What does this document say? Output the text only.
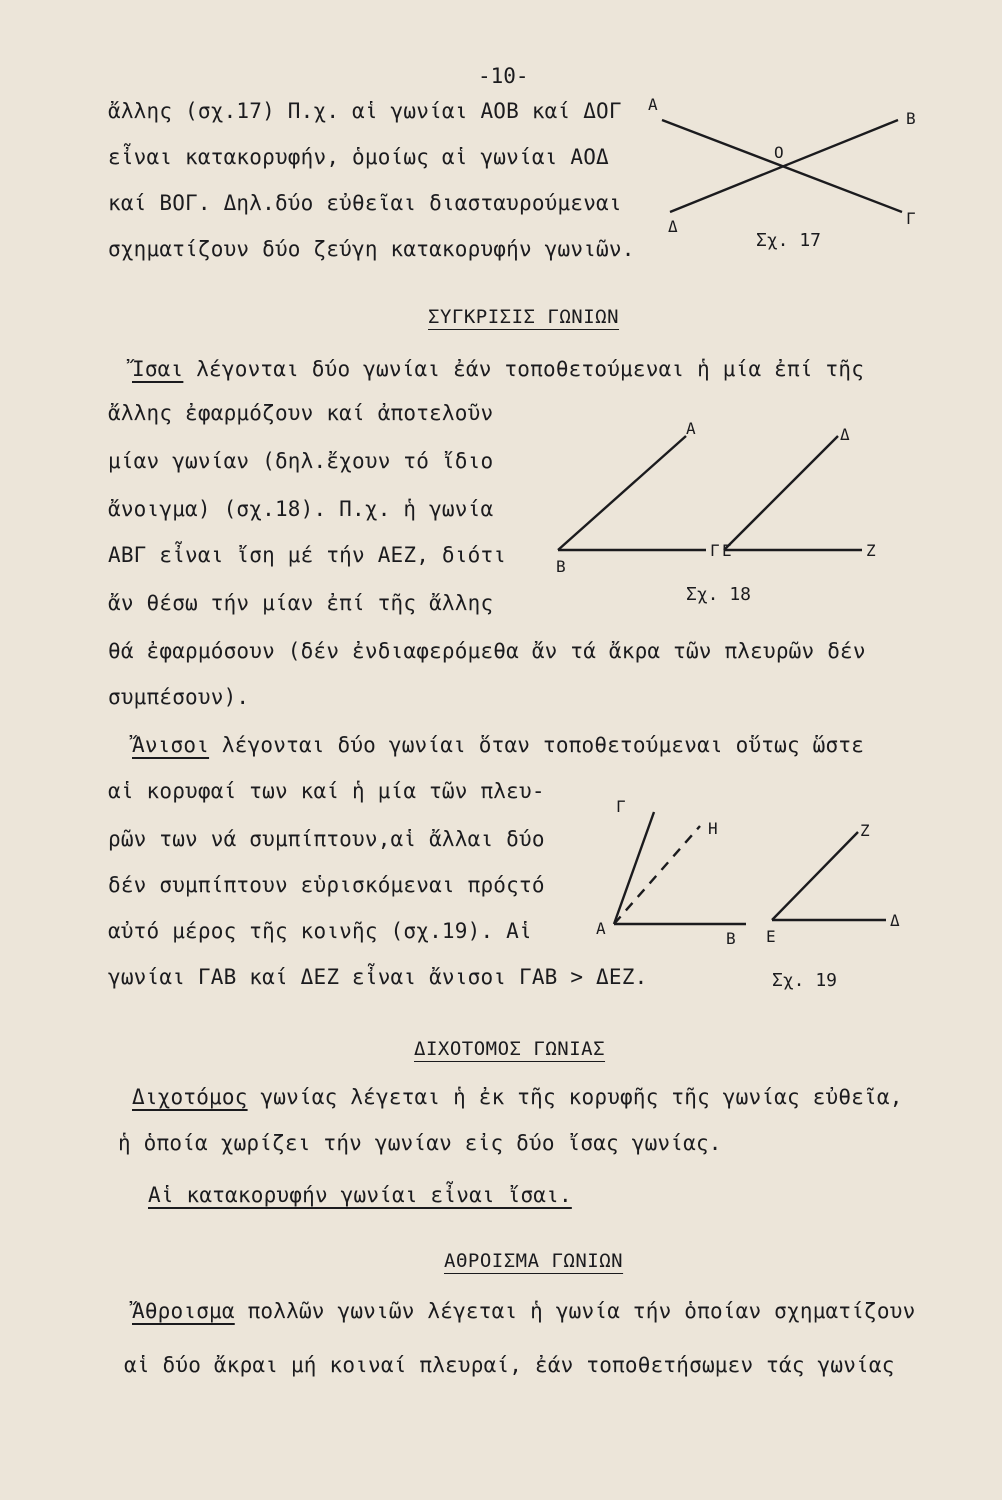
-10-
ἄλλης (σχ.17) Π.χ. αἱ γωνίαι ΑΟΒ καί ΔΟΓ
εἶναι κατακορυφήν, ὁμοίως αἱ γωνίαι ΑΟΔ
καί ΒΟΓ. Δηλ.δύο εὐθεῖαι διασταυρούμεναι
σχηματίζουν δύο ζεύγη κατακορυφήν γωνιῶν.
Α
Β
Ο
Δ	Γ
Σχ. 17
ΣΥΓΚΡΙΣΙΣ ΓΩΝΙΩΝ
Ἴσαι λέγονται δύο γωνίαι ἐάν τοποθετούμεναι ἡ μία ἐπί τῆς
ἄλλης ἐφαρμόζουν καί ἀποτελοῦν
μίαν γωνίαν (δηλ.ἔχουν τό ἴδιο
ἄνοιγμα) (σχ.18). Π.χ. ἡ γωνία
ΑΒΓ εἶναι ἴση μέ τήν ΑΕΖ, διότι
ἄν θέσω τήν μίαν ἐπί τῆς ἄλλης
Α	Δ
Β
Γ Ε	Ζ
Σχ. 18
θά ἐφαρμόσουν (δέν ἐνδιαφερόμεθα ἄν τά ἄκρα τῶν πλευρῶν δέν
συμπέσουν).
Ἄνισοι λέγονται δύο γωνίαι ὅταν τοποθετούμεναι οὕτως ὥστε
αἱ κορυφαί των καί ἡ μία τῶν πλευ-
ρῶν των νά συμπίπτουν,αἱ ἄλλαι δύο
δέν συμπίπτουν εὑρισκόμεναι πρόςτό
αὐτό μέρος τῆς κοινῆς (σχ.19). Αἱ
γωνίαι ΓΑΒ καί ΔΕΖ εἶναι ἄνισοι ΓΑΒ > ΔΕΖ.
Γ
Η
Α
Β
Ζ
Ε
Δ
Σχ. 19
ΔΙΧΟΤΟΜΟΣ ΓΩΝΙΑΣ
Διχοτόμος γωνίας λέγεται ἡ ἐκ τῆς κορυφῆς τῆς γωνίας εὐθεῖα,
ἡ ὁποία χωρίζει τήν γωνίαν εἰς δύο ἴσας γωνίας.
Αἱ κατακορυφήν γωνίαι εἶναι ἴσαι.
ΑΘΡΟΙΣΜΑ ΓΩΝΙΩΝ
Ἄθροισμα πολλῶν γωνιῶν λέγεται ἡ γωνία τήν ὁποίαν σχηματίζουν
αἱ δύο ἄκραι μή κοιναί πλευραί, ἐάν τοποθετήσωμεν τάς γωνίας
